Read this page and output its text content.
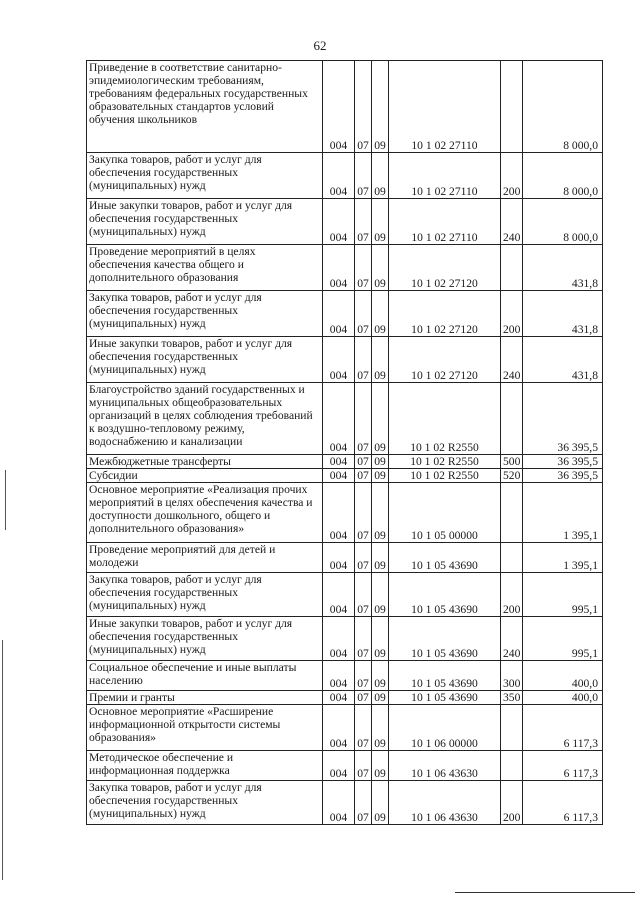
62
Приведение в соответствие санитарно-эпидемиологическим требованиям, требованиям федеральных государственных образовательных стандартов условий обучения школьников	004	07	09	10 1 02 27110		8 000,0
Закупка товаров, работ и услуг для обеспечения государственных (муниципальных) нужд	004	07	09	10 1 02 27110	200	8 000,0
Иные закупки товаров, работ и услуг для обеспечения государственных (муниципальных) нужд	004	07	09	10 1 02 27110	240	8 000,0
Проведение мероприятий в целях обеспечения качества общего и дополнительного образования	004	07	09	10 1 02 27120		431,8
Закупка товаров, работ и услуг для обеспечения государственных (муниципальных) нужд	004	07	09	10 1 02 27120	200	431,8
Иные закупки товаров, работ и услуг для обеспечения государственных (муниципальных) нужд	004	07	09	10 1 02 27120	240	431,8
Благоустройство зданий государственных и муниципальных общеобразовательных организаций в целях соблюдения требований к воздушно-тепловому режиму, водоснабжению и канализации	004	07	09	10 1 02 R2550		36 395,5
Межбюджетные трансферты	004	07	09	10 1 02 R2550	500	36 395,5
Субсидии	004	07	09	10 1 02 R2550	520	36 395,5
Основное мероприятие «Реализация прочих мероприятий в целях обеспечения качества и доступности дошкольного, общего и дополнительного образования»	004	07	09	10 1 05 00000		1 395,1
Проведение мероприятий для детей и молодежи	004	07	09	10 1 05 43690		1 395,1
Закупка товаров, работ и услуг для обеспечения государственных (муниципальных) нужд	004	07	09	10 1 05 43690	200	995,1
Иные закупки товаров, работ и услуг для обеспечения государственных (муниципальных) нужд	004	07	09	10 1 05 43690	240	995,1
Социальное обеспечение и иные выплаты населению	004	07	09	10 1 05 43690	300	400,0
Премии и гранты	004	07	09	10 1 05 43690	350	400,0
Основное мероприятие «Расширение информационной открытости системы образования»	004	07	09	10 1 06 00000		6 117,3
Методическое обеспечение и информационная поддержка	004	07	09	10 1 06 43630		6 117,3
Закупка товаров, работ и услуг для обеспечения государственных (муниципальных) нужд	004	07	09	10 1 06 43630	200	6 117,3
